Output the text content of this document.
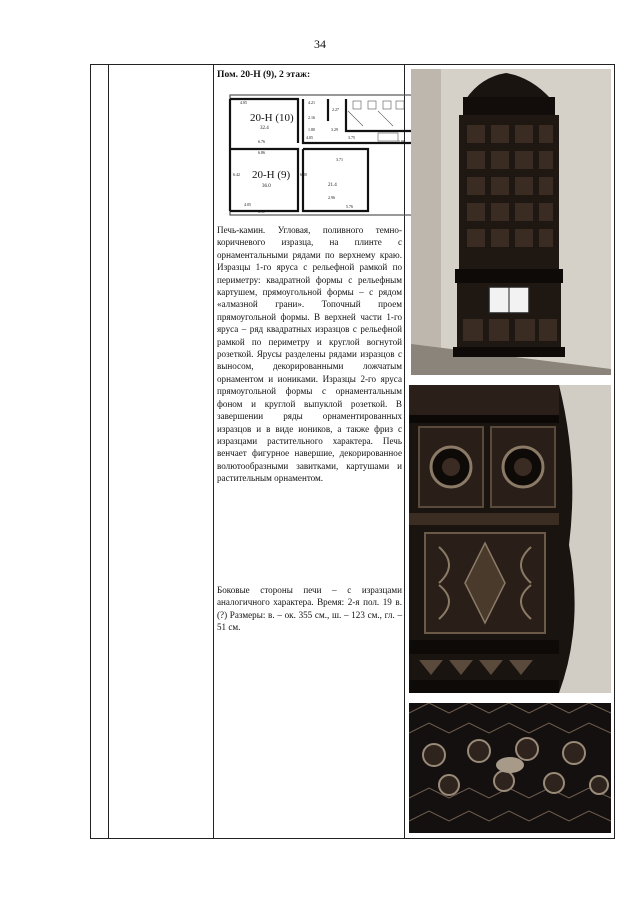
34
Пом. 20-Н (9), 2 этаж:
20-Н (10)
20-Н (9)
32.4
36.0	21.4
4.05	4.21
6.76
6.86
4.05
3.71
2.96
6.11
5.76
6.20
6.42
2.16
1.80
4.05	3.75
3.29
2.27
1.06

Печь-камин. Угловая, поливного темно-коричневого изразца, на плинте с орнаментальными рядами по верхнему краю. Изразцы 1-го яруса с рельефной рамкой по периметру: квадратной формы с рельефным картушем, прямоугольной формы – с рядом «алмазной грани». Топочный проем прямоугольной формы. В верхней части 1-го яруса – ряд квадратных изразцов с рельефной рамкой по периметру и круглой вогнутой розеткой. Ярусы разделены рядами изразцов с выносом, декорированными ложчатым орнаментом и иониками. Изразцы 2-го яруса прямоугольной формы с орнаментальным фоном и круглой выпуклой розеткой. В завершении ряды орнаментированных изразцов и в виде иоников, а также фриз с изразцами растительного характера. Печь венчает фигурное навершие, декорированное волютообразными завитками, картушами и растительным орнаментом.

Боковые стороны печи – с изразцами аналогичного характера. Время: 2-я пол. 19 в. (?) Размеры: в. – ок. 355 см., ш. – 123 см., гл. – 51 см.
